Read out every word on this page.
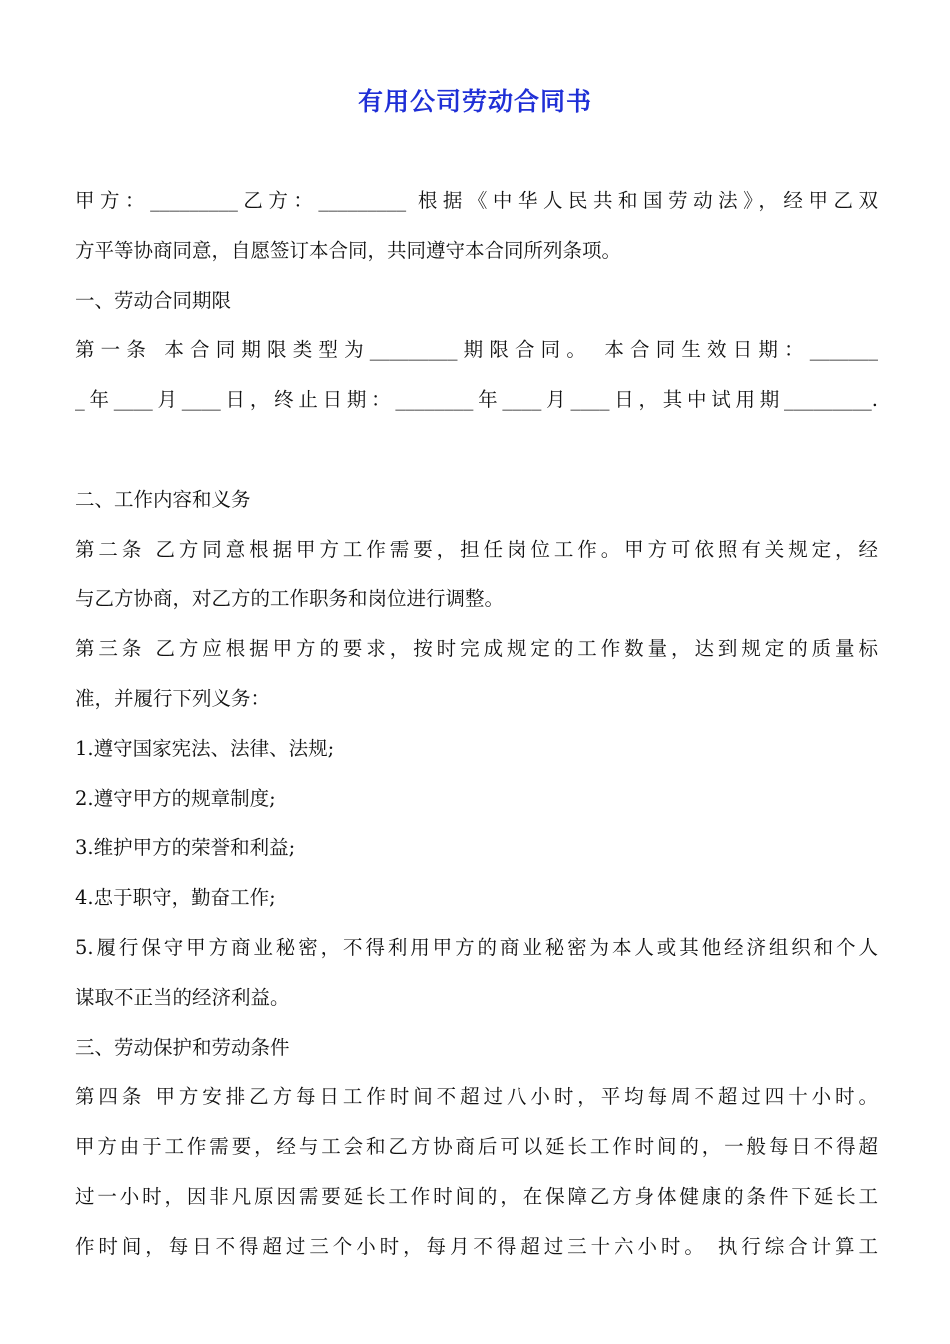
有用公司劳动合同书
甲方：_________乙方：_________ 根据《中华人民共和国劳动法》，经甲乙双
方平等协商同意，自愿签订本合同，共同遵守本合同所列条项。
一、劳动合同期限
第一条 本合同期限类型为_________期限合同。 本合同生效日期：_______
_年____月____日，终止日期：________年____月____日，其中试用期_________.
二、工作内容和义务
第二条 乙方同意根据甲方工作需要，担任岗位工作。甲方可依照有关规定，经
与乙方协商，对乙方的工作职务和岗位进行调整。
第三条 乙方应根据甲方的要求，按时完成规定的工作数量，达到规定的质量标
准，并履行下列义务：
1.遵守国家宪法、法律、法规;
2.遵守甲方的规章制度;
3.维护甲方的荣誉和利益;
4.忠于职守，勤奋工作;
5.履行保守甲方商业秘密，不得利用甲方的商业秘密为本人或其他经济组织和个人
谋取不正当的经济利益。
三、劳动保护和劳动条件
第四条 甲方安排乙方每日工作时间不超过八小时，平均每周不超过四十小时。
甲方由于工作需要，经与工会和乙方协商后可以延长工作时间的，一般每日不得超
过一小时，因非凡原因需要延长工作时间的，在保障乙方身体健康的条件下延长工
作时间，每日不得超过三个小时，每月不得超过三十六小时。 执行综合计算工
